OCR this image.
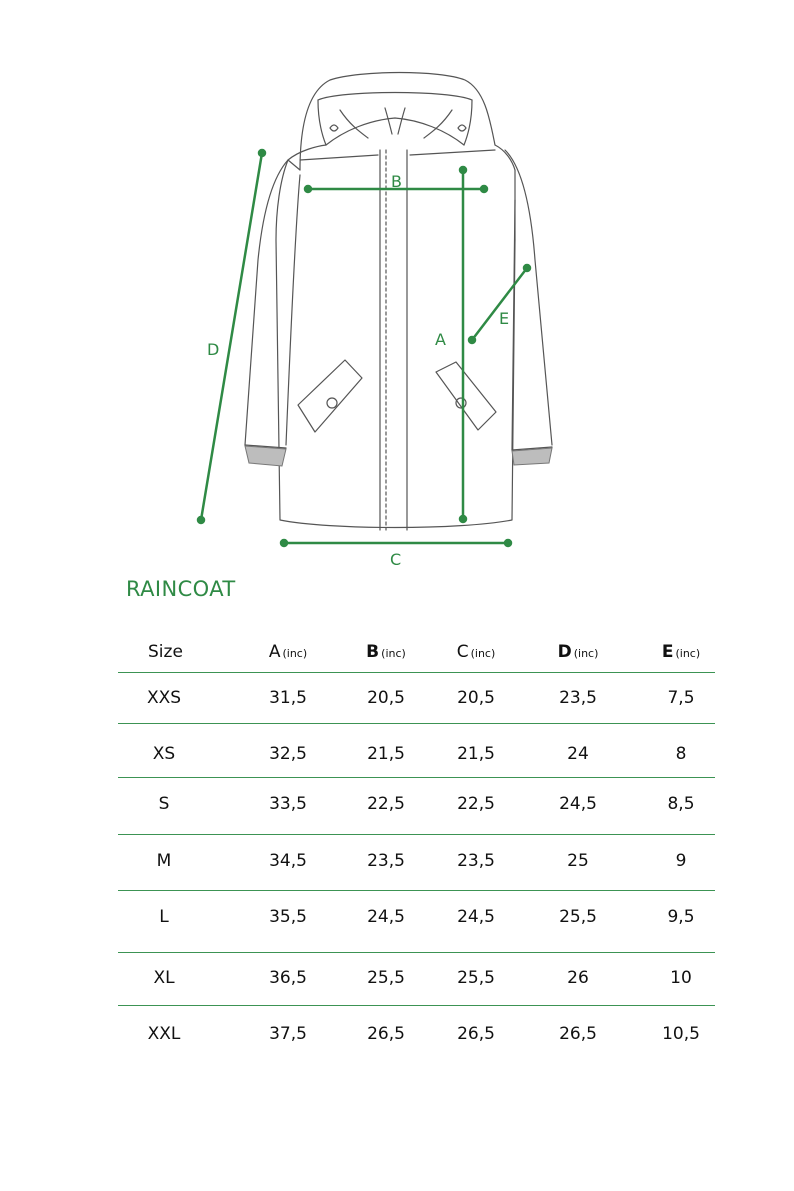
B
A
C
D
E
RAINCOAT
Size	A (inc)	B (inc)	C (inc)	D (inc)	E (inc)
XXS	31,5	20,5	20,5	23,5	7,5
XS	32,5	21,5	21,5	24	8
S	33,5	22,5	22,5	24,5	8,5
M	34,5	23,5	23,5	25	9
L	35,5	24,5	24,5	25,5	9,5
XL	36,5	25,5	25,5	26	10
XXL	37,5	26,5	26,5	26,5	10,5
